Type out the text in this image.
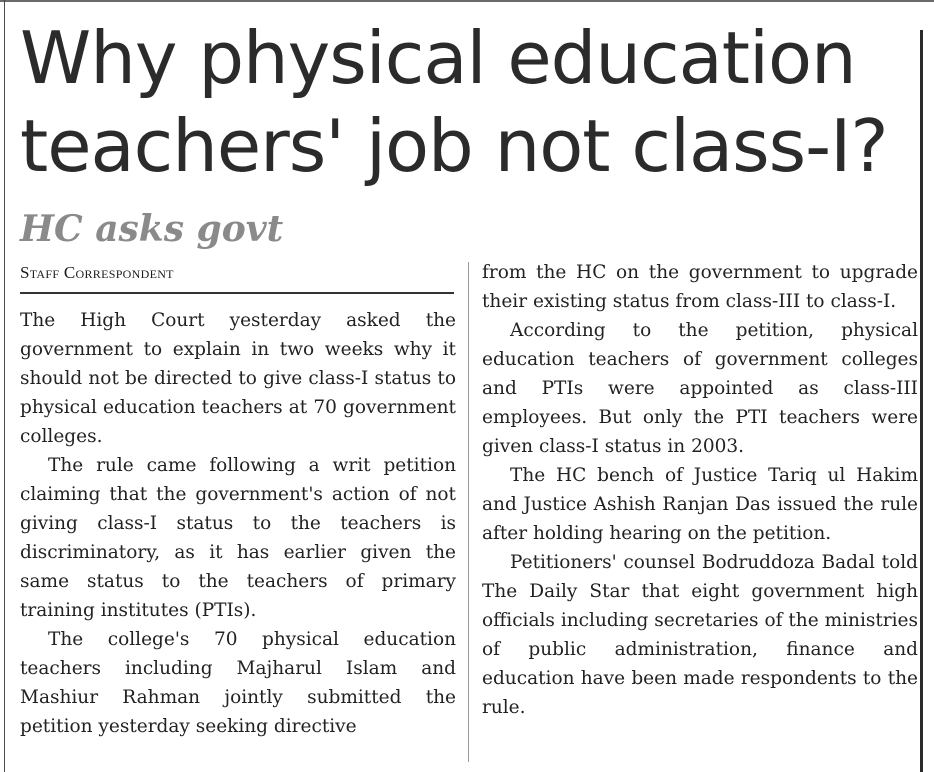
Why physical education
teachers' job not class-I?
HC asks govt
Staff Correspondent

The High Court yesterday asked the government to explain in two weeks why it should not be directed to give class-I status to physical education teachers at 70 government colleges.

The rule came following a writ petition claiming that the government's action of not giving class-I status to the teachers is discriminatory, as it has earlier given the same status to the teachers of primary training institutes (PTIs).

The college's 70 physical education teachers including Majharul Islam and Mashiur Rahman jointly submitted the petition yesterday seeking directive

from the HC on the government to upgrade their existing status from class-III to class-I.

According to the petition, physical education teachers of government colleges and PTIs were appointed as class-III employees. But only the PTI teachers were given class-I status in 2003.

The HC bench of Justice Tariq ul Hakim and Justice Ashish Ranjan Das issued the rule after holding hearing on the petition.

Petitioners' counsel Bodruddoza Badal told The Daily Star that eight government high officials including secretaries of the ministries of public administration, finance and education have been made respondents to the rule.
